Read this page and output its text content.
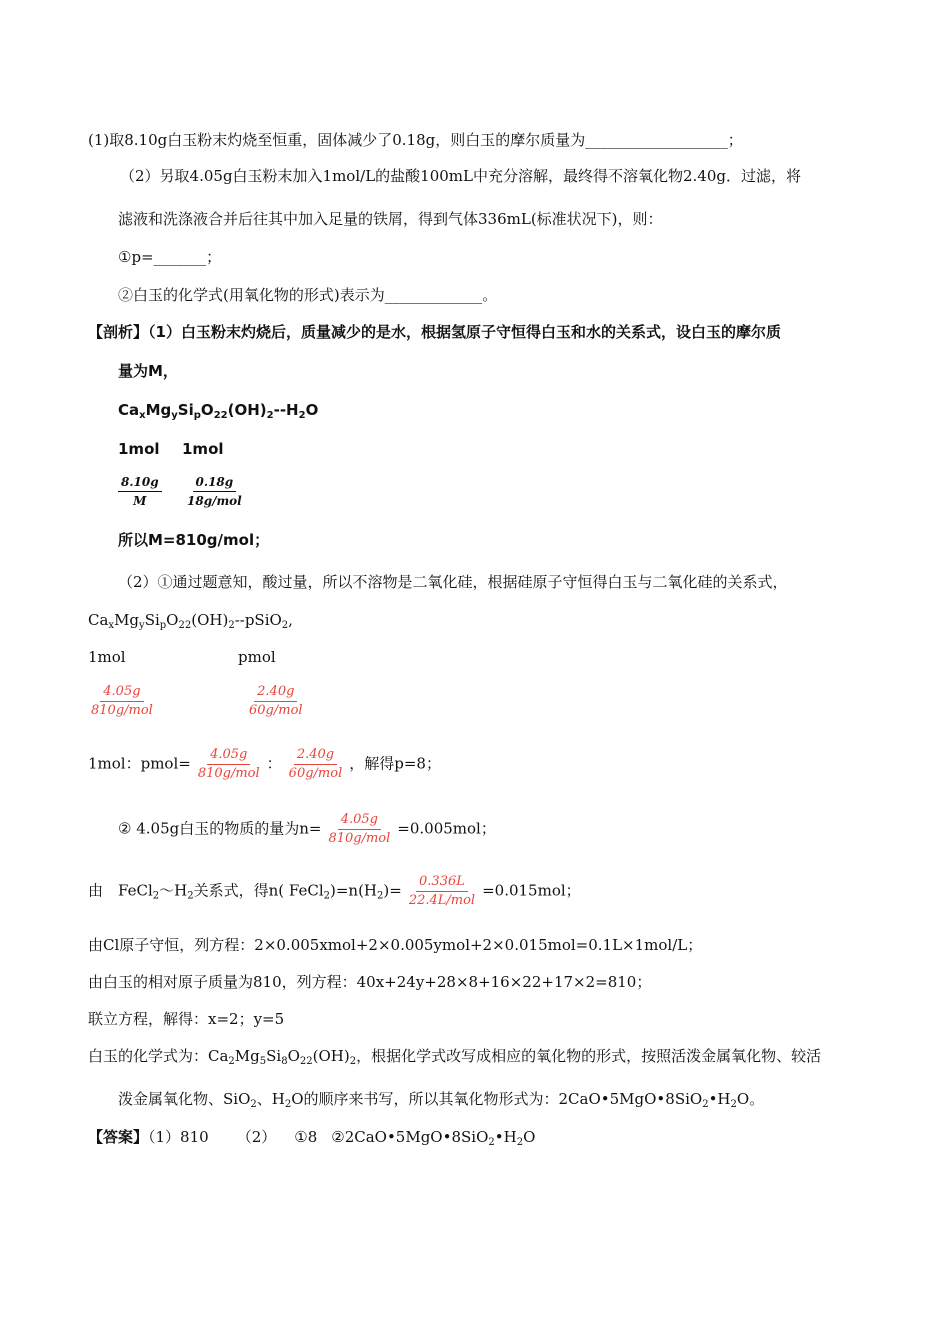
(1)取8.10g白玉粉末灼烧至恒重，固体减少了0.18g，则白玉的摩尔质量为___________________；
（2）另取4.05g白玉粉末加入1mol/L的盐酸100mL中充分溶解，最终得不溶氧化物2.40g．过滤，将
滤液和洗涤液合并后往其中加入足量的铁屑，得到气体336mL(标准状况下)，则：
①p=_______；
②白玉的化学式(用氧化物的形式)表示为_____________。
【剖析】（1）白玉粉末灼烧后，质量减少的是水，根据氢原子守恒得白玉和水的关系式，设白玉的摩尔质
量为M，
$Ca_xMg_ySi_pO_{22}(OH)_2--H_2O$
1mol 1mol
$\frac{8.10g}{M} \frac{0.18g}{\text{18g/mol}}$
所以M=810g/mol；
（2）①通过题意知，酸过量，所以不溶物是二氧化硅，根据硅原子守恒得白玉与二氧化硅的关系式，
$Ca_xMg_ySi_pO_{22}(OH)_2--pSiO_2$,
1mol	pmol
$\frac{4.05g}{\text{810g/mol}}$	$\frac{2.40g}{\text{60g/mol}}$
1mol：pmol= $\frac{4.05g}{\text{810g/mol}}$ ： $\frac{2.40g}{\text{60g/mol}}$ ，解得p=8；
② 4.05g白玉的物质的量为$n= \frac{4.05g}{\text{810g/mol}} =0.005mol$；
由　$FeCl_2\sim H_2$关系式，得n( $FeCl_2)=n(H_2)= \frac{0.336L}{\text{22.4L/mol}} =0.015mol$；
由Cl原子守恒，列方程：2×0.005xmol+2×0.005ymol+2×0.015mol=0.1L×1mol/L；
由白玉的相对原子质量为810，列方程：40x+24y+28×8+16×22+17×2=810；
联立方程，解得：x=2；y=5
白玉的化学式为：$Ca_2Mg_5Si_8O_{22}(OH)_2$，根据化学式改写成相应的氧化物的形式，按照活泼金属氧化物、较活
泼金属氧化物、SiO$_2$、$H_2O$的顺序来书写，所以其氧化物形式为：$2CaO•5MgO•8SiO_2•H_2O$。
【答案】（1）810 （2） ①8 $②2CaO•5MgO•8SiO_2•H_2O$
